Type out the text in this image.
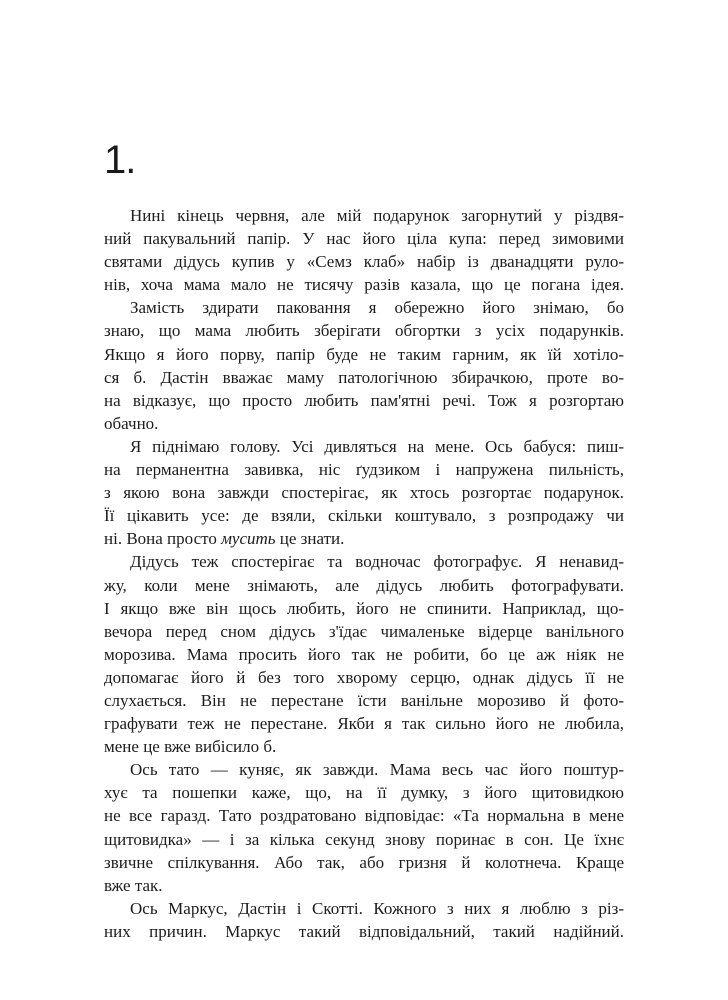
1.
Нині кінець червня, але мій подарунок загорнутий у різдвя-
ний пакувальний папір. У нас його ціла купа: перед зимовими
святами дідусь купив у «Семз клаб» набір із дванадцяти руло-
нів, хоча мама мало не тисячу разів казала, що це погана ідея.
Замість здирати паковання я обережно його знімаю, бо
знаю, що мама любить зберігати обгортки з усіх подарунків.
Якщо я його порву, папір буде не таким гарним, як їй хотіло-
ся б. Дастін вважає маму патологічною збирачкою, проте во-
на відказує, що просто любить пам'ятні речі. Тож я розгортаю
обачно.
Я піднімаю голову. Усі дивляться на мене. Ось бабуся: пиш-
на перманентна завивка, ніс ґудзиком і напружена пильність,
з якою вона завжди спостерігає, як хтось розгортає подарунок.
Її цікавить усе: де взяли, скільки коштувало, з розпродажу чи
ні. Вона просто мусить це знати.
Дідусь теж спостерігає та водночас фотографує. Я ненавид-
жу, коли мене знімають, але дідусь любить фотографувати.
І якщо вже він щось любить, його не спинити. Наприклад, що-
вечора перед сном дідусь з'їдає чималеньке відерце ванільного
морозива. Мама просить його так не робити, бо це аж ніяк не
допомагає його й без того хворому серцю, однак дідусь її не
слухається. Він не перестане їсти ванільне морозиво й фото-
графувати теж не перестане. Якби я так сильно його не любила,
мене це вже вибісило б.
Ось тато — куняє, як завжди. Мама весь час його поштур-
хує та пошепки каже, що, на її думку, з його щитовидкою
не все гаразд. Тато роздратовано відповідає: «Та нормальна в мене
щитовидка» — і за кілька секунд знову поринає в сон. Це їхнє
звичне спілкування. Або так, або гризня й колотнеча. Краще
вже так.
Ось Маркус, Дастін і Скотті. Кожного з них я люблю з різ-
них причин. Маркус такий відповідальний, такий надійний.
